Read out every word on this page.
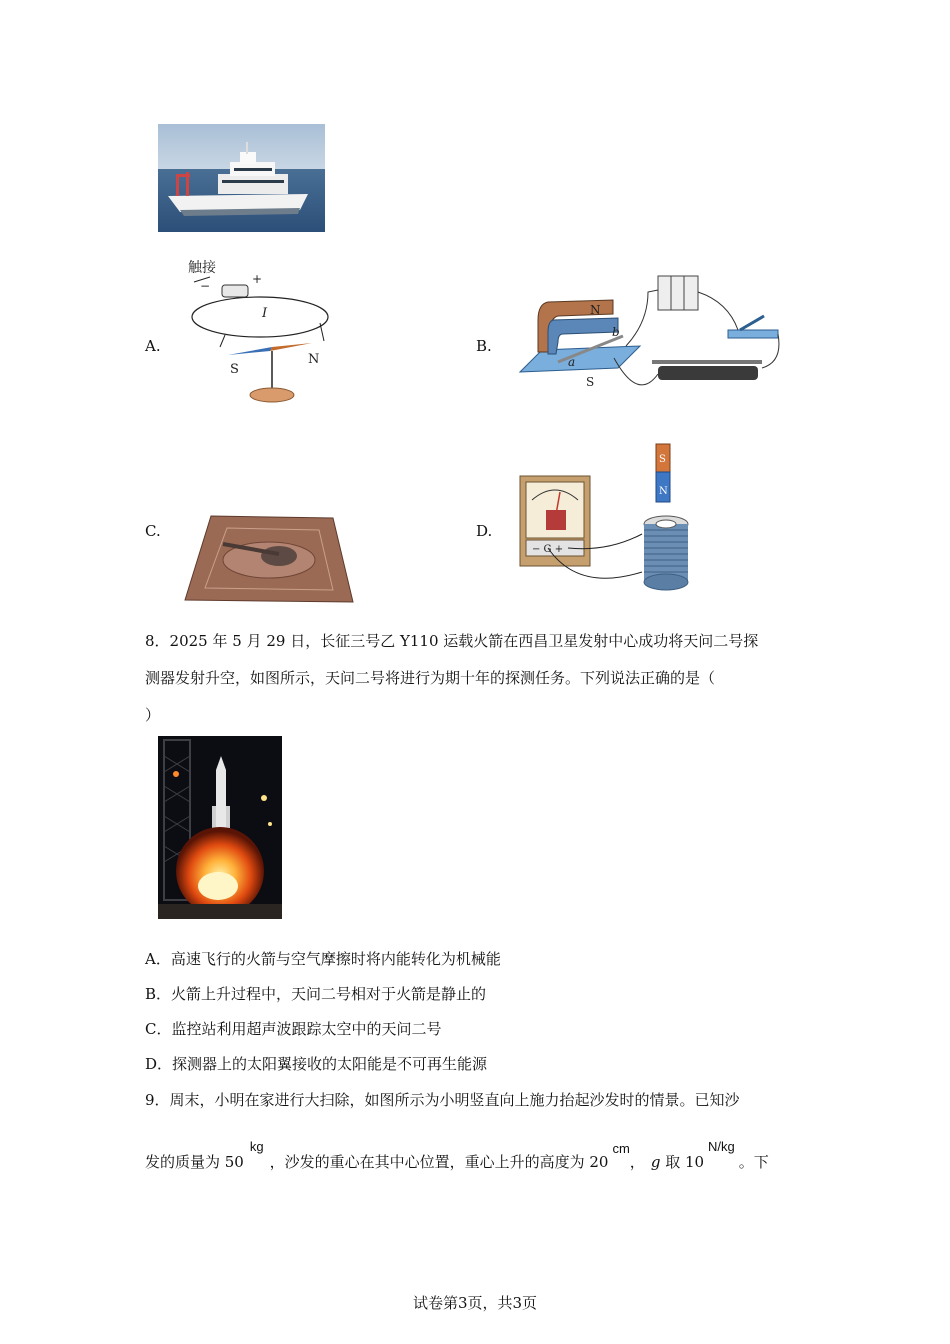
A.
触接
−	+
I
S
N
B.
N
S
a
b
C.	D.
S
N
− G +
8．2025 年 5 月 29 日，长征三号乙 Y110 运载火箭在西昌卫星发射中心成功将天问二号探
测器发射升空，如图所示，天问二号将进行为期十年的探测任务。下列说法正确的是（
）
A．高速飞行的火箭与空气摩擦时将内能转化为机械能
B．火箭上升过程中，天问二号相对于火箭是静止的
C．监控站利用超声波跟踪太空中的天问二号
D．探测器上的太阳翼接收的太阳能是不可再生能源
9．周末，小明在家进行大扫除，如图所示为小明竖直向上施力抬起沙发时的情景。已知沙
发的质量为 50kg，沙发的重心在其中心位置，重心上升的高度为 20cm， g 取 10N/kg。下
试卷第3页，共3页
